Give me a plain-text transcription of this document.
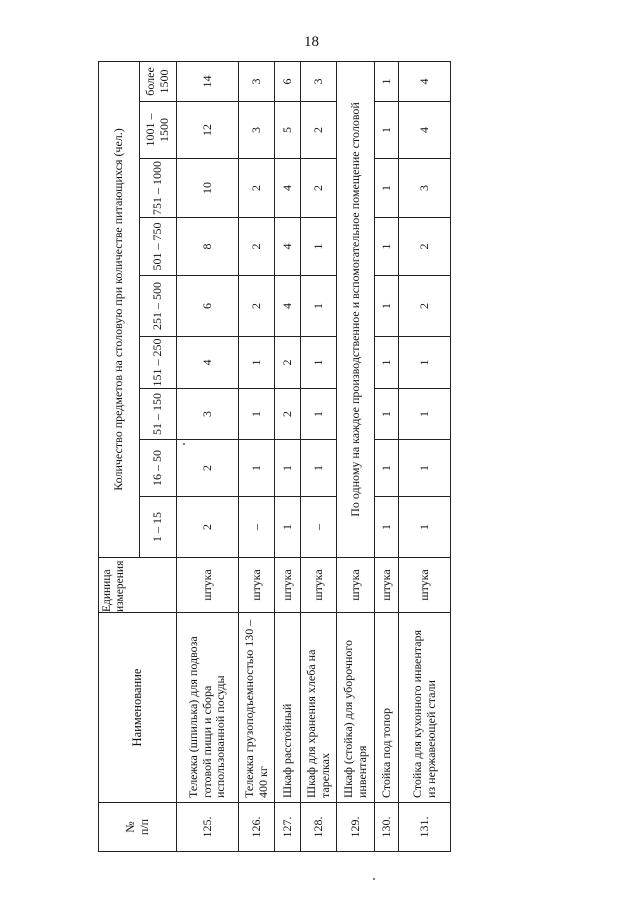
18
№
п/п	Наименование	Единица измерения	Количество предметов на столовую при количестве питающихся (чел.)								
			1 – 15	16 – 50	51 – 150	151 – 250	251 – 500	501 – 750	751 – 1000	1001 – 1500	более 1500
125.	Тележка (шпилька) для подвоза готовой пищи и сбора использованной посуды	штука	2	2	3	4	6	8	10	12	14
126.	Тележка грузоподъемностью 130 – 400 кг	штука	–	1	1	1	2	2	2	3	3
127.	Шкаф расстойный	штука	1	1	2	2	4	4	4	5	6
128.	Шкаф для хранения хлеба на тарелках	штука	–	1	1	1	1	1	2	2	3
129.	Шкаф (стойка) для уборочного инвентаря	штука	По одному на каждое производственное и вспомогательное помещение столовой								
130.	Стойка под топор	штука	1	1	1	1	1	1	1	1	1
131.	Стойка для кухонного инвентаря из нержавеющей стали	штука	1	1	1	1	2	2	3	4	4
